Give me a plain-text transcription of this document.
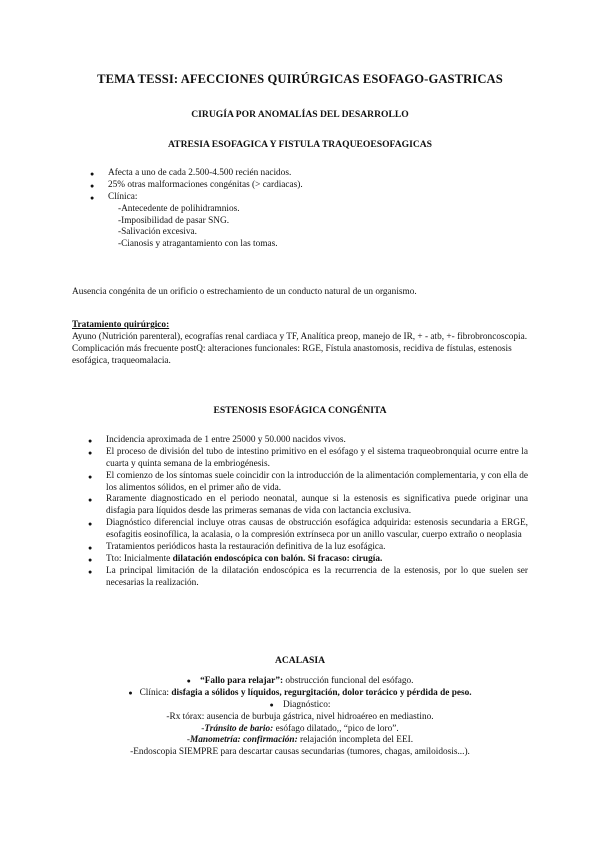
TEMA TESSI: AFECCIONES QUIRÚRGICAS ESOFAGO-GASTRICAS
CIRUGÍA POR ANOMALÍAS DEL DESARROLLO
ATRESIA ESOFAGICA Y FISTULA TRAQUEOESOFAGICAS
● Afecta a uno de cada 2.500-4.500 recién nacidos.
● 25% otras malformaciones congénitas (> cardiacas).
● Clínica:
-Antecedente de polihidramnios.
-Imposibilidad de pasar SNG.
-Salivación excesiva.
-Cianosis y atragantamiento con las tomas.
Ausencia congénita de un orificio o estrechamiento de un conducto natural de un organismo.
Tratamiento quirúrgico:
Ayuno (Nutrición parenteral), ecografías renal cardiaca y TF, Analítica preop, manejo de IR, + - atb, +- fibrobroncoscopia.
Complicación más frecuente postQ: alteraciones funcionales: RGE, Fístula anastomosis, recidiva de fístulas, estenosis esofágica, traqueomalacia.
ESTENOSIS ESOFÁGICA CONGÉNITA
● Incidencia aproximada de 1 entre 25000 y 50.000 nacidos vivos.
● El proceso de división del tubo de intestino primitivo en el esófago y el sistema traqueobronquial ocurre entre la cuarta y quinta semana de la embriogénesis.
● El comienzo de los síntomas suele coincidir con la introducción de la alimentación complementaria, y con ella de los alimentos sólidos, en el primer año de vida.
● Raramente diagnosticado en el periodo neonatal, aunque si la estenosis es significativa puede originar una disfagia para líquidos desde las primeras semanas de vida con lactancia exclusiva.
● Diagnóstico diferencial incluye otras causas de obstrucción esofágica adquirida: estenosis secundaria a ERGE, esofagitis eosinofílica, la acalasia, o la compresión extrínseca por un anillo vascular, cuerpo extraño o neoplasia
● Tratamientos periódicos hasta la restauración definitiva de la luz esofágica.
● Tto: Inicialmente dilatación endoscópica con balón. Si fracaso: cirugía.
● La principal limitación de la dilatación endoscópica es la recurrencia de la estenosis, por lo que suelen ser necesarias la realización.
ACALASIA
● “Fallo para relajar”: obstrucción funcional del esófago.
● Clínica: disfagia a sólidos y líquidos, regurgitación, dolor torácico y pérdida de peso.
● Diagnóstico:
-Rx tórax: ausencia de burbuja gástrica, nivel hidroaéreo en mediastino.
-Tránsito de bario: esófago dilatado,, “pico de loro”.
-Manometría: confirmación: relajación incompleta del EEI.
-Endoscopia SIEMPRE para descartar causas secundarias (tumores, chagas, amiloidosis...).
